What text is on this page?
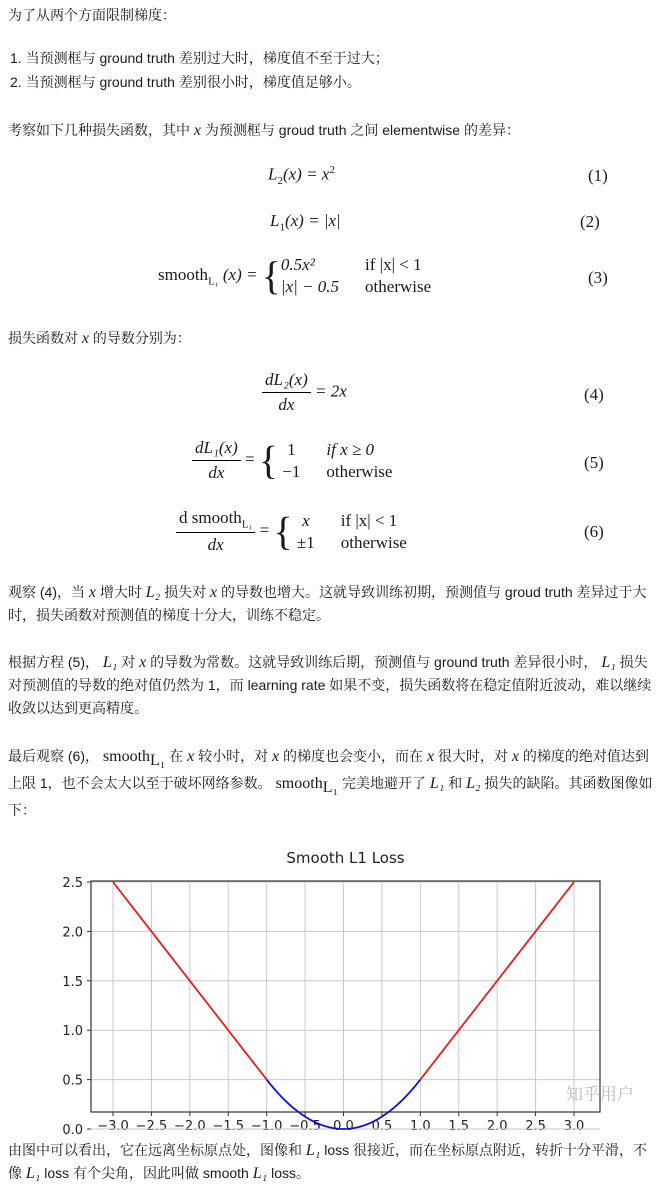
为了从两个方面限制梯度：
1. 当预测框与 ground truth 差别过大时，梯度值不至于过大；
2. 当预测框与 ground truth 差别很小时，梯度值足够小。
考察如下几种损失函数，其中 x 为预测框与 groud truth 之间 elementwise 的差异：
$L_2(x) = x^2$	(1)
$L_1(x) = |x|$	(2)
smooth$_{L_1}$ (x) = { 0.5x²	if |x| < 1
|x| − 0.5 otherwise	(3)
损失函数对 x 的导数分别为：
$\frac{\text{dL₂(x)}}{dx} = 2x$	(4)
$\frac{\text{dL₁(x)}}{dx}$ = { 1 if x ≥ 0
−1 otherwise	(5)
$\frac{d smooth_{L_1}}{dx}$ = { x	if |x| < 1
±1 otherwise
(6)
观察 (4)，当 x 增大时 L₂ 损失对 x 的导数也增大。这就导致训练初期，预测值与 groud truth 差异过于大时，损失函数对预测值的梯度十分大，训练不稳定。
根据方程 (5)， L₁ 对 x 的导数为常数。这就导致训练后期，预测值与 ground truth 差异很小时， L₁ 损失对预测值的导数的绝对值仍然为 1，而 learning rate 如果不变，损失函数将在稳定值附近波动，难以继续收敛以达到更高精度。
最后观察 (6)， smooth$_{L_1}$ 在 x 较小时，对 x 的梯度也会变小，而在 x 很大时，对 x 的梯度的绝对值达到上限 1，也不会太大以至于破坏网络参数。 smooth$_{L_1}$ 完美地避开了 L₁ 和 L₂ 损失的缺陷。其函数图像如下：
Smooth L1 Loss
−3.0 −2.5 −2.0 −1.5 −1.0 −0.5 0.0 0.5 1.0 1.5 2.0 2.5 3.0
0.0
0.5
1.0
1.5
2.0
2.5
知乎用户
由图中可以看出，它在远离坐标原点处，图像和 L₁ loss 很接近，而在坐标原点附近，转折十分平滑，不像 L₁ loss 有个尖角，因此叫做 smooth L₁ loss。
